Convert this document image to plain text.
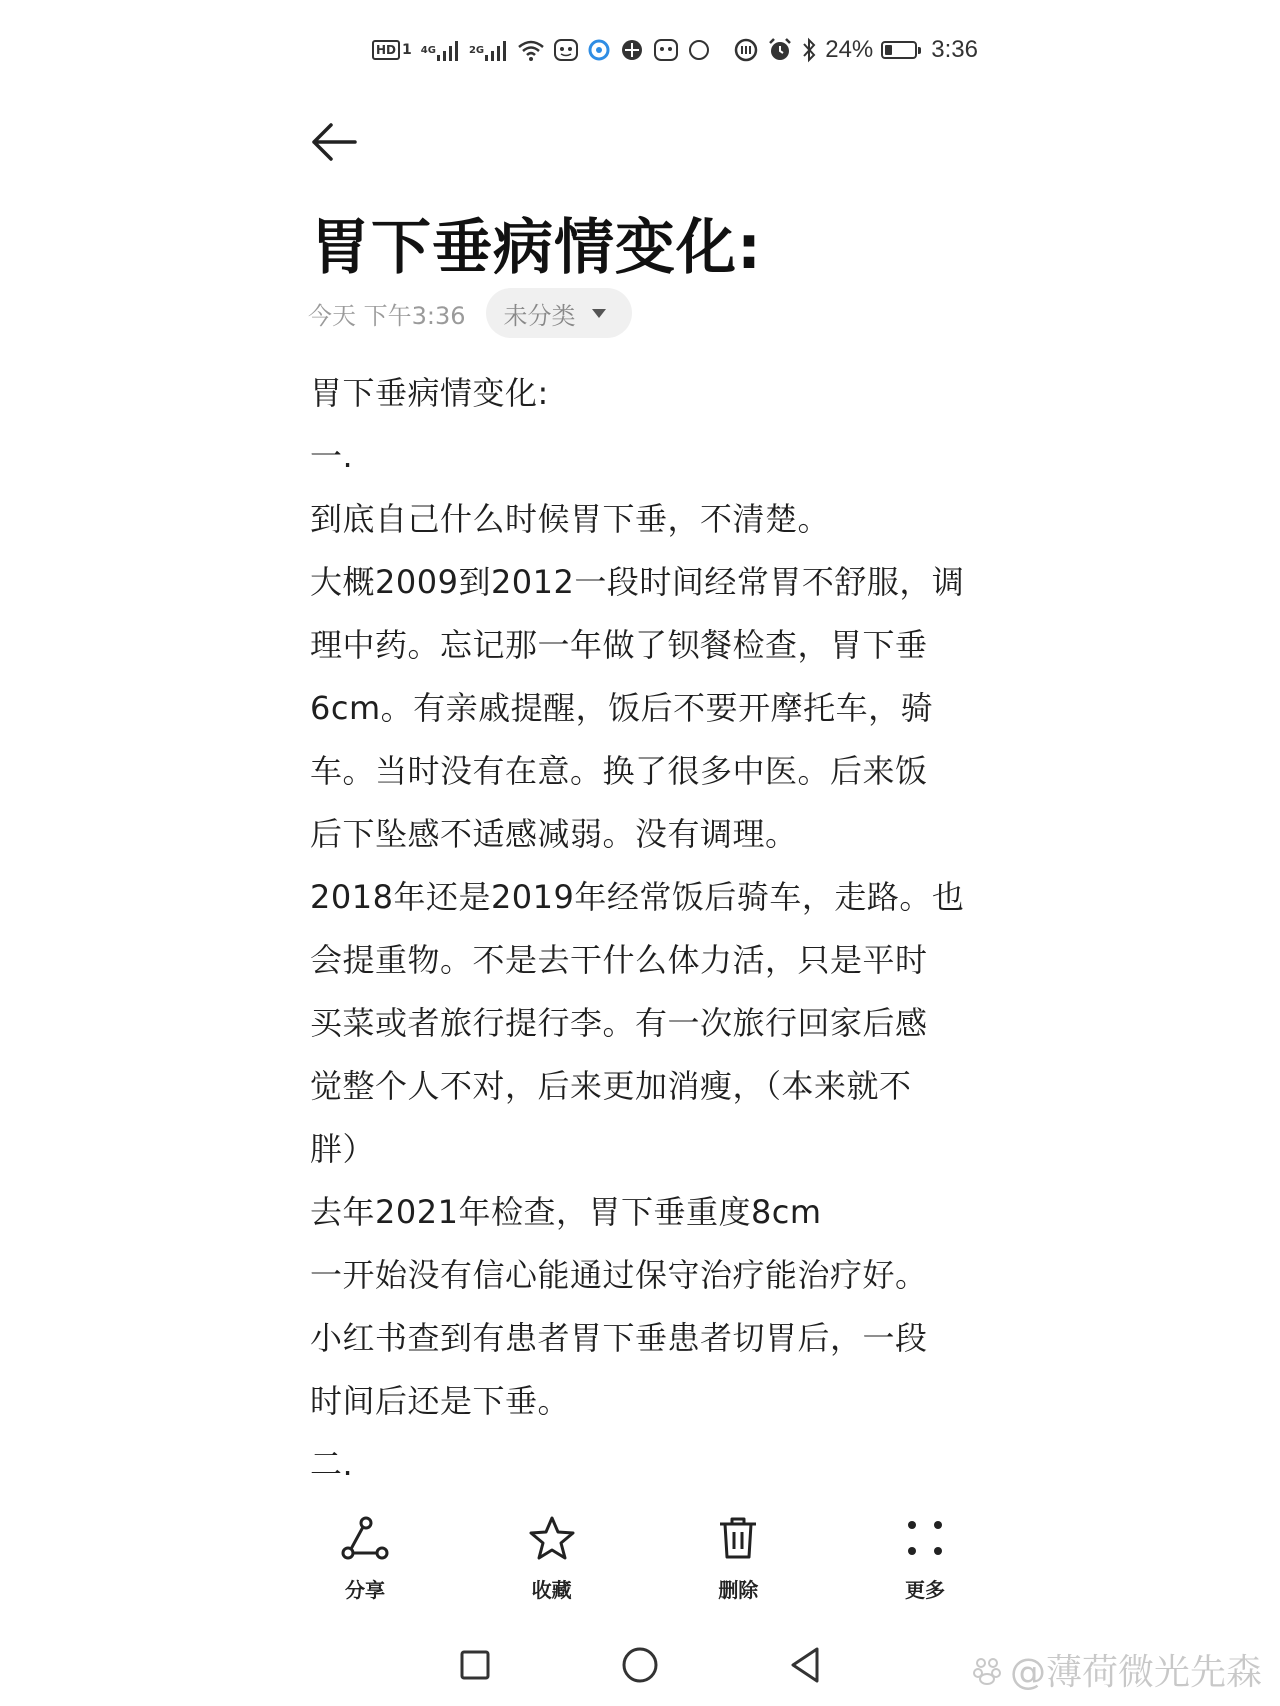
HD 1 4G	2G	24% 3:36
胃下垂病情变化:
今天 下午3:36 未分类
胃下垂病情变化:
一.
到底自己什么时候胃下垂，不清楚。
大概2009到2012一段时间经常胃不舒服，调
理中药。忘记那一年做了钡餐检查，胃下垂
6cm。有亲戚提醒，饭后不要开摩托车，骑
车。当时没有在意。换了很多中医。后来饭
后下坠感不适感减弱。没有调理。
2018年还是2019年经常饭后骑车，走路。也
会提重物。不是去干什么体力活，只是平时
买菜或者旅行提行李。有一次旅行回家后感
觉整个人不对，后来更加消瘦，（本来就不
胖）
去年2021年检查，胃下垂重度8cm
一开始没有信心能通过保守治疗能治疗好。
小红书查到有患者胃下垂患者切胃后，一段
时间后还是下垂。
二.
分享	收藏	删除	更多
@薄荷微光先森
